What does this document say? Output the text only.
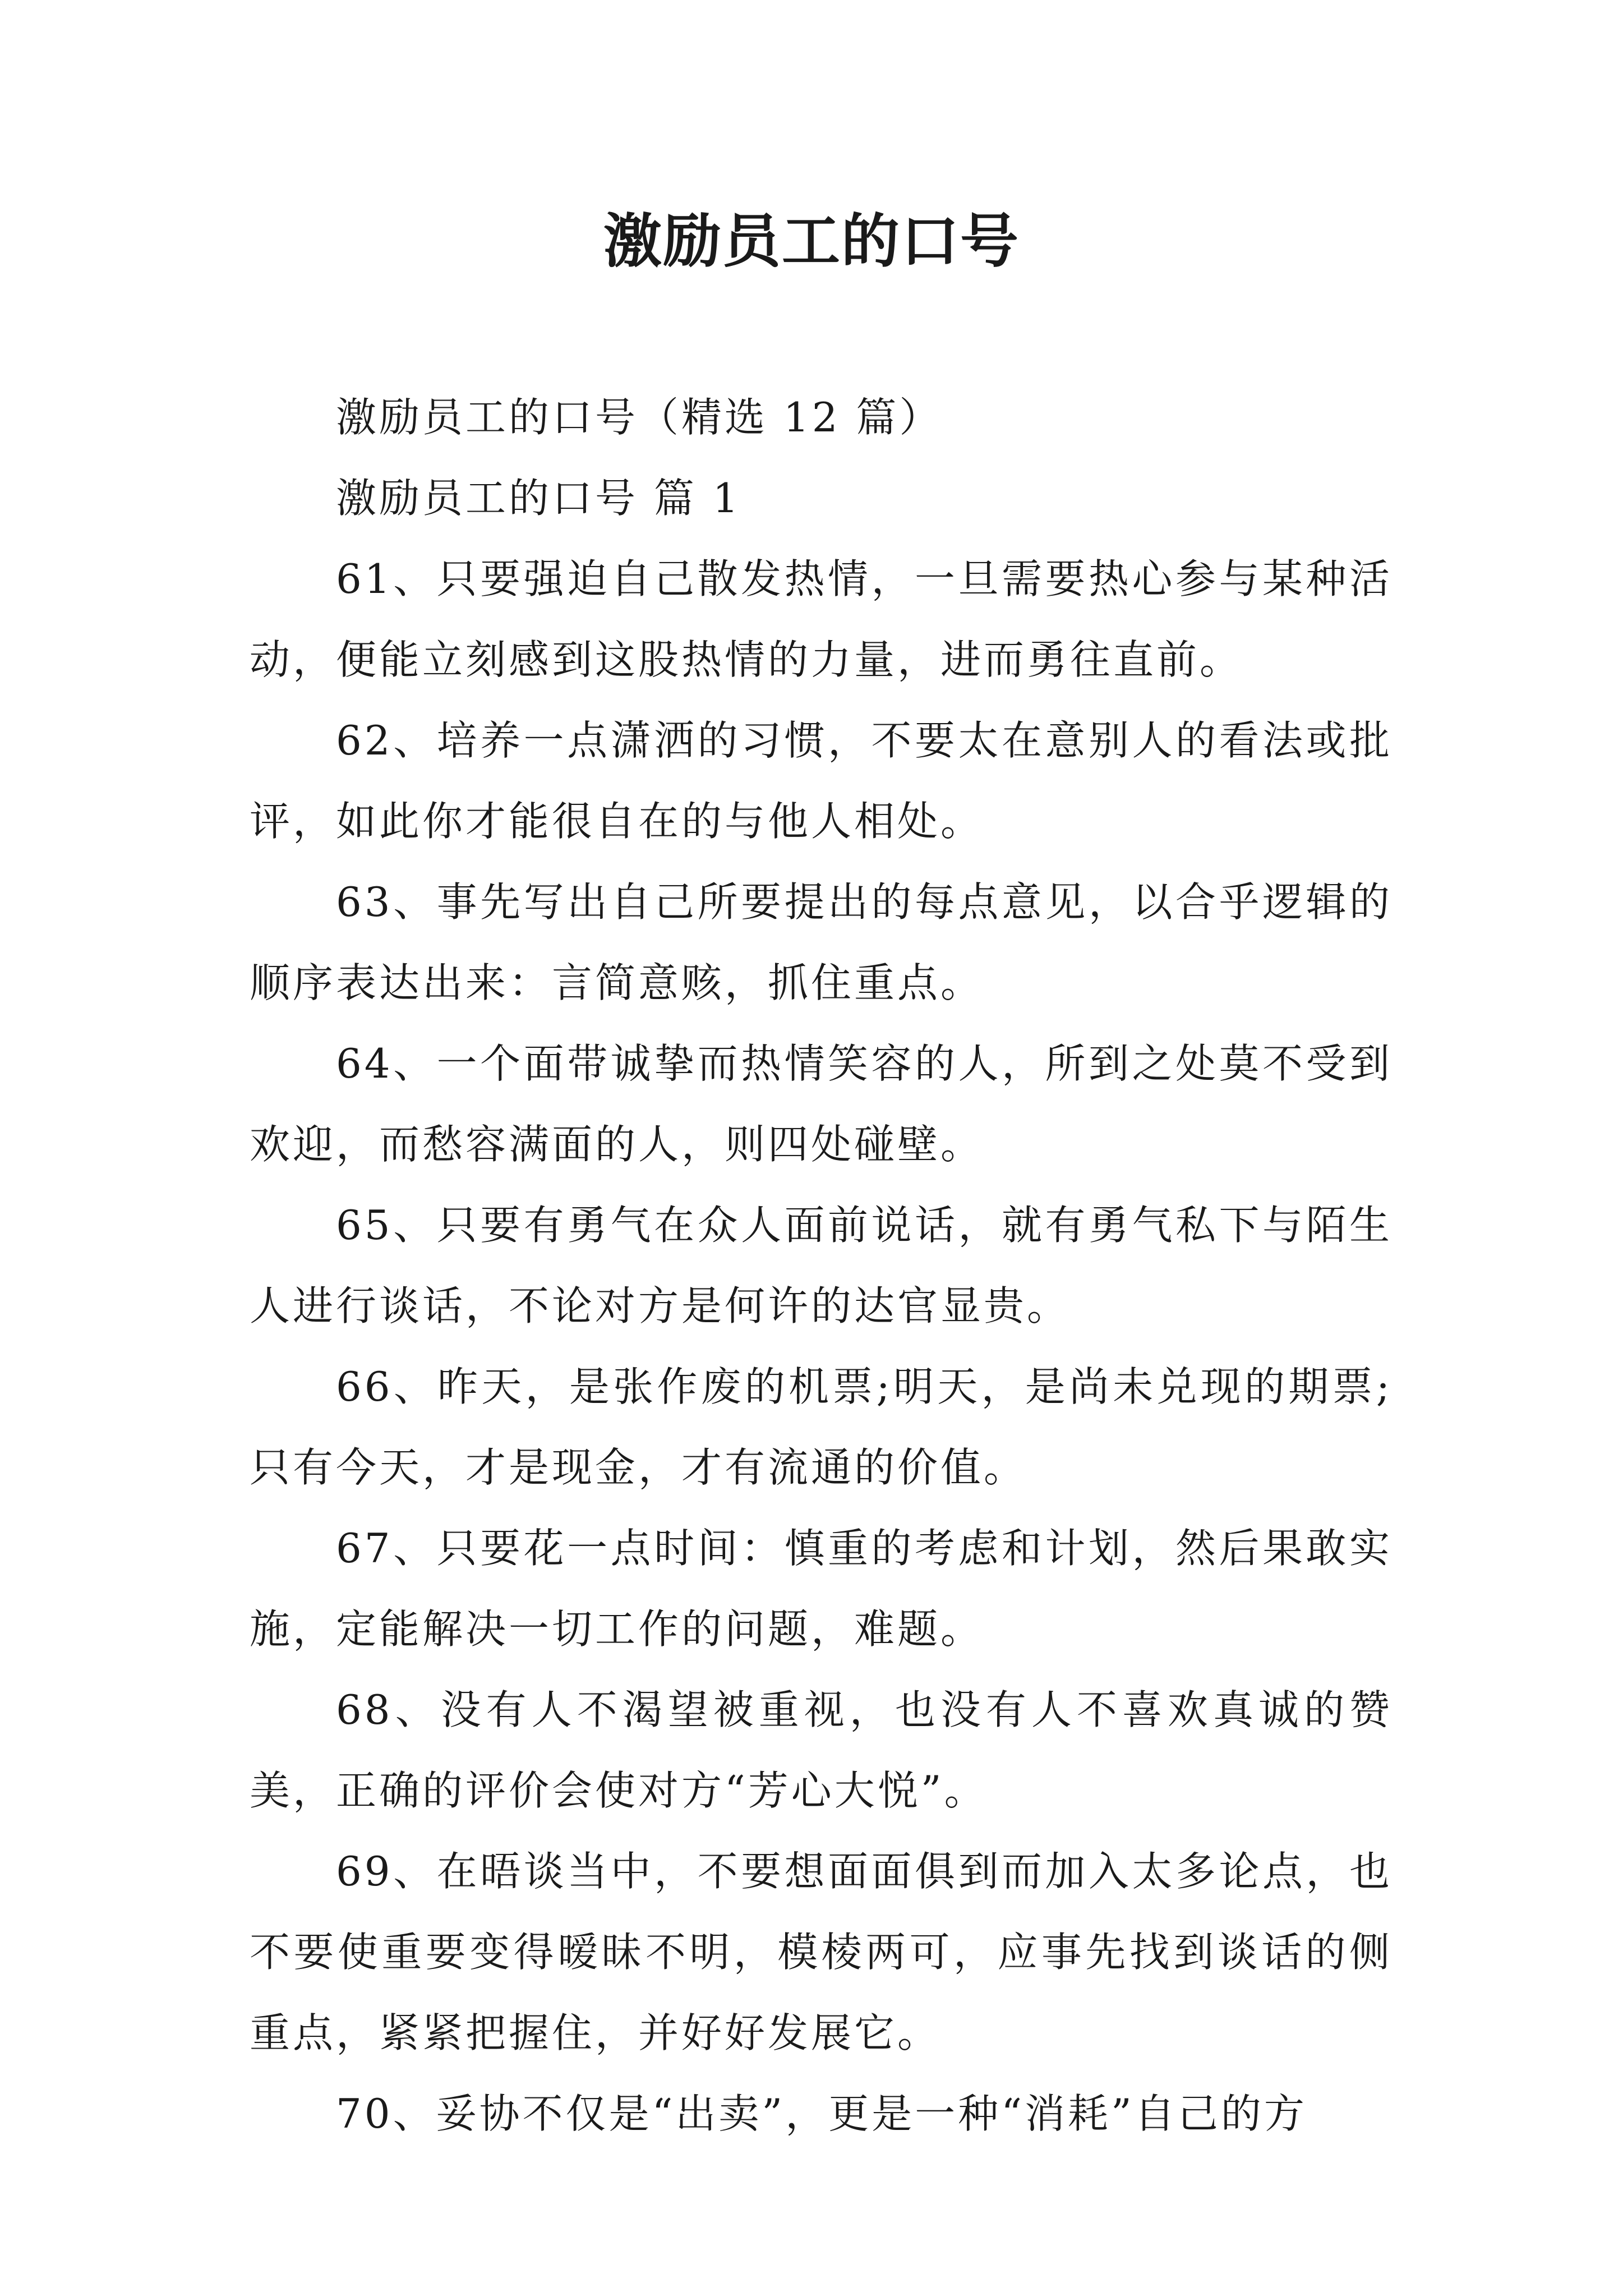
激励员工的口号

激励员工的口号（精选 12 篇）

激励员工的口号 篇 1

61、只要强迫自己散发热情，一旦需要热心参与某种活动，便能立刻感到这股热情的力量，进而勇往直前。

62、培养一点潇洒的习惯，不要太在意别人的看法或批评，如此你才能很自在的与他人相处。

63、事先写出自己所要提出的每点意见，以合乎逻辑的顺序表达出来：言简意赅，抓住重点。

64、一个面带诚挚而热情笑容的人，所到之处莫不受到欢迎，而愁容满面的人，则四处碰壁。

65、只要有勇气在众人面前说话，就有勇气私下与陌生人进行谈话，不论对方是何许的达官显贵。

66、昨天，是张作废的机票;明天，是尚未兑现的期票;只有今天，才是现金，才有流通的价值。

67、只要花一点时间：慎重的考虑和计划，然后果敢实施，定能解决一切工作的问题，难题。

68、没有人不渴望被重视，也没有人不喜欢真诚的赞美，正确的评价会使对方“芳心大悦”。

69、在晤谈当中，不要想面面俱到而加入太多论点，也不要使重要变得暧昧不明，模棱两可，应事先找到谈话的侧重点，紧紧把握住，并好好发展它。

70、妥协不仅是“出卖”，更是一种“消耗”自己的方
